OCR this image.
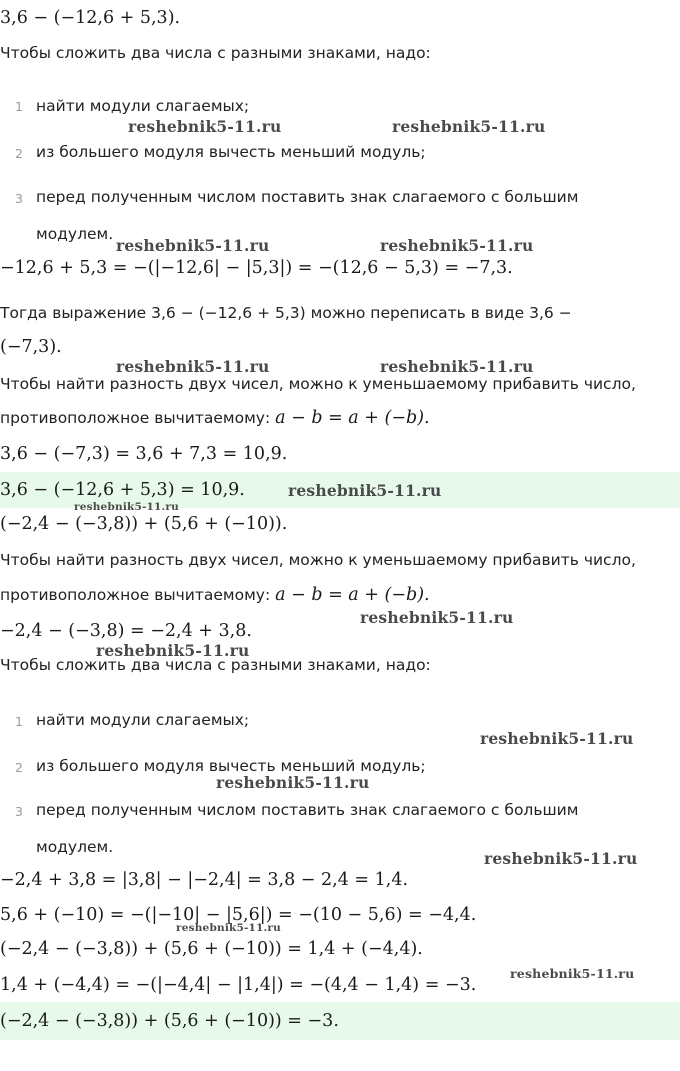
3,6 − (−12,6 + 5,3).
Чтобы сложить два числа с разными знаками, надо:
1 найти модули слагаемых;
2 из большего модуля вычесть меньший модуль;
3 перед полученным числом поставить знак слагаемого с большим
модулем.
−12,6 + 5,3 = −(|−12,6| − |5,3|) = −(12,6 − 5,3) = −7,3.
Тогда выражение 3,6 − (−12,6 + 5,3) можно переписать в виде 3,6 −
(−7,3).
Чтобы найти разность двух чисел, можно к уменьшаемому прибавить число,
противоположное вычитаемому: a − b = a + (−b).
3,6 − (−7,3) = 3,6 + 7,3 = 10,9.
3,6 − (−12,6 + 5,3) = 10,9.
(−2,4 − (−3,8)) + (5,6 + (−10)).
Чтобы найти разность двух чисел, можно к уменьшаемому прибавить число,
противоположное вычитаемому: a − b = a + (−b).
−2,4 − (−3,8) = −2,4 + 3,8.
Чтобы сложить два числа с разными знаками, надо:
1 найти модули слагаемых;
2 из большего модуля вычесть меньший модуль;
3 перед полученным числом поставить знак слагаемого с большим
модулем.
−2,4 + 3,8 = |3,8| − |−2,4| = 3,8 − 2,4 = 1,4.
5,6 + (−10) = −(|−10| − |5,6|) = −(10 − 5,6) = −4,4.
(−2,4 − (−3,8)) + (5,6 + (−10)) = 1,4 + (−4,4).
1,4 + (−4,4) = −(|−4,4| − |1,4|) = −(4,4 − 1,4) = −3.
(−2,4 − (−3,8)) + (5,6 + (−10)) = −3.
reshebnik5-11.ru	reshebnik5-11.ru
reshebnik5-11.ru	reshebnik5-11.ru
reshebnik5-11.ru	reshebnik5-11.ru
reshebnik5-11.ru
reshebnik5-11.ru
reshebnik5-11.ru
reshebnik5-11.ru
reshebnik5-11.ru
reshebnik5-11.ru
reshebnik5-11.ru
reshebnik5-11.ru
reshebnik5-11.ru
